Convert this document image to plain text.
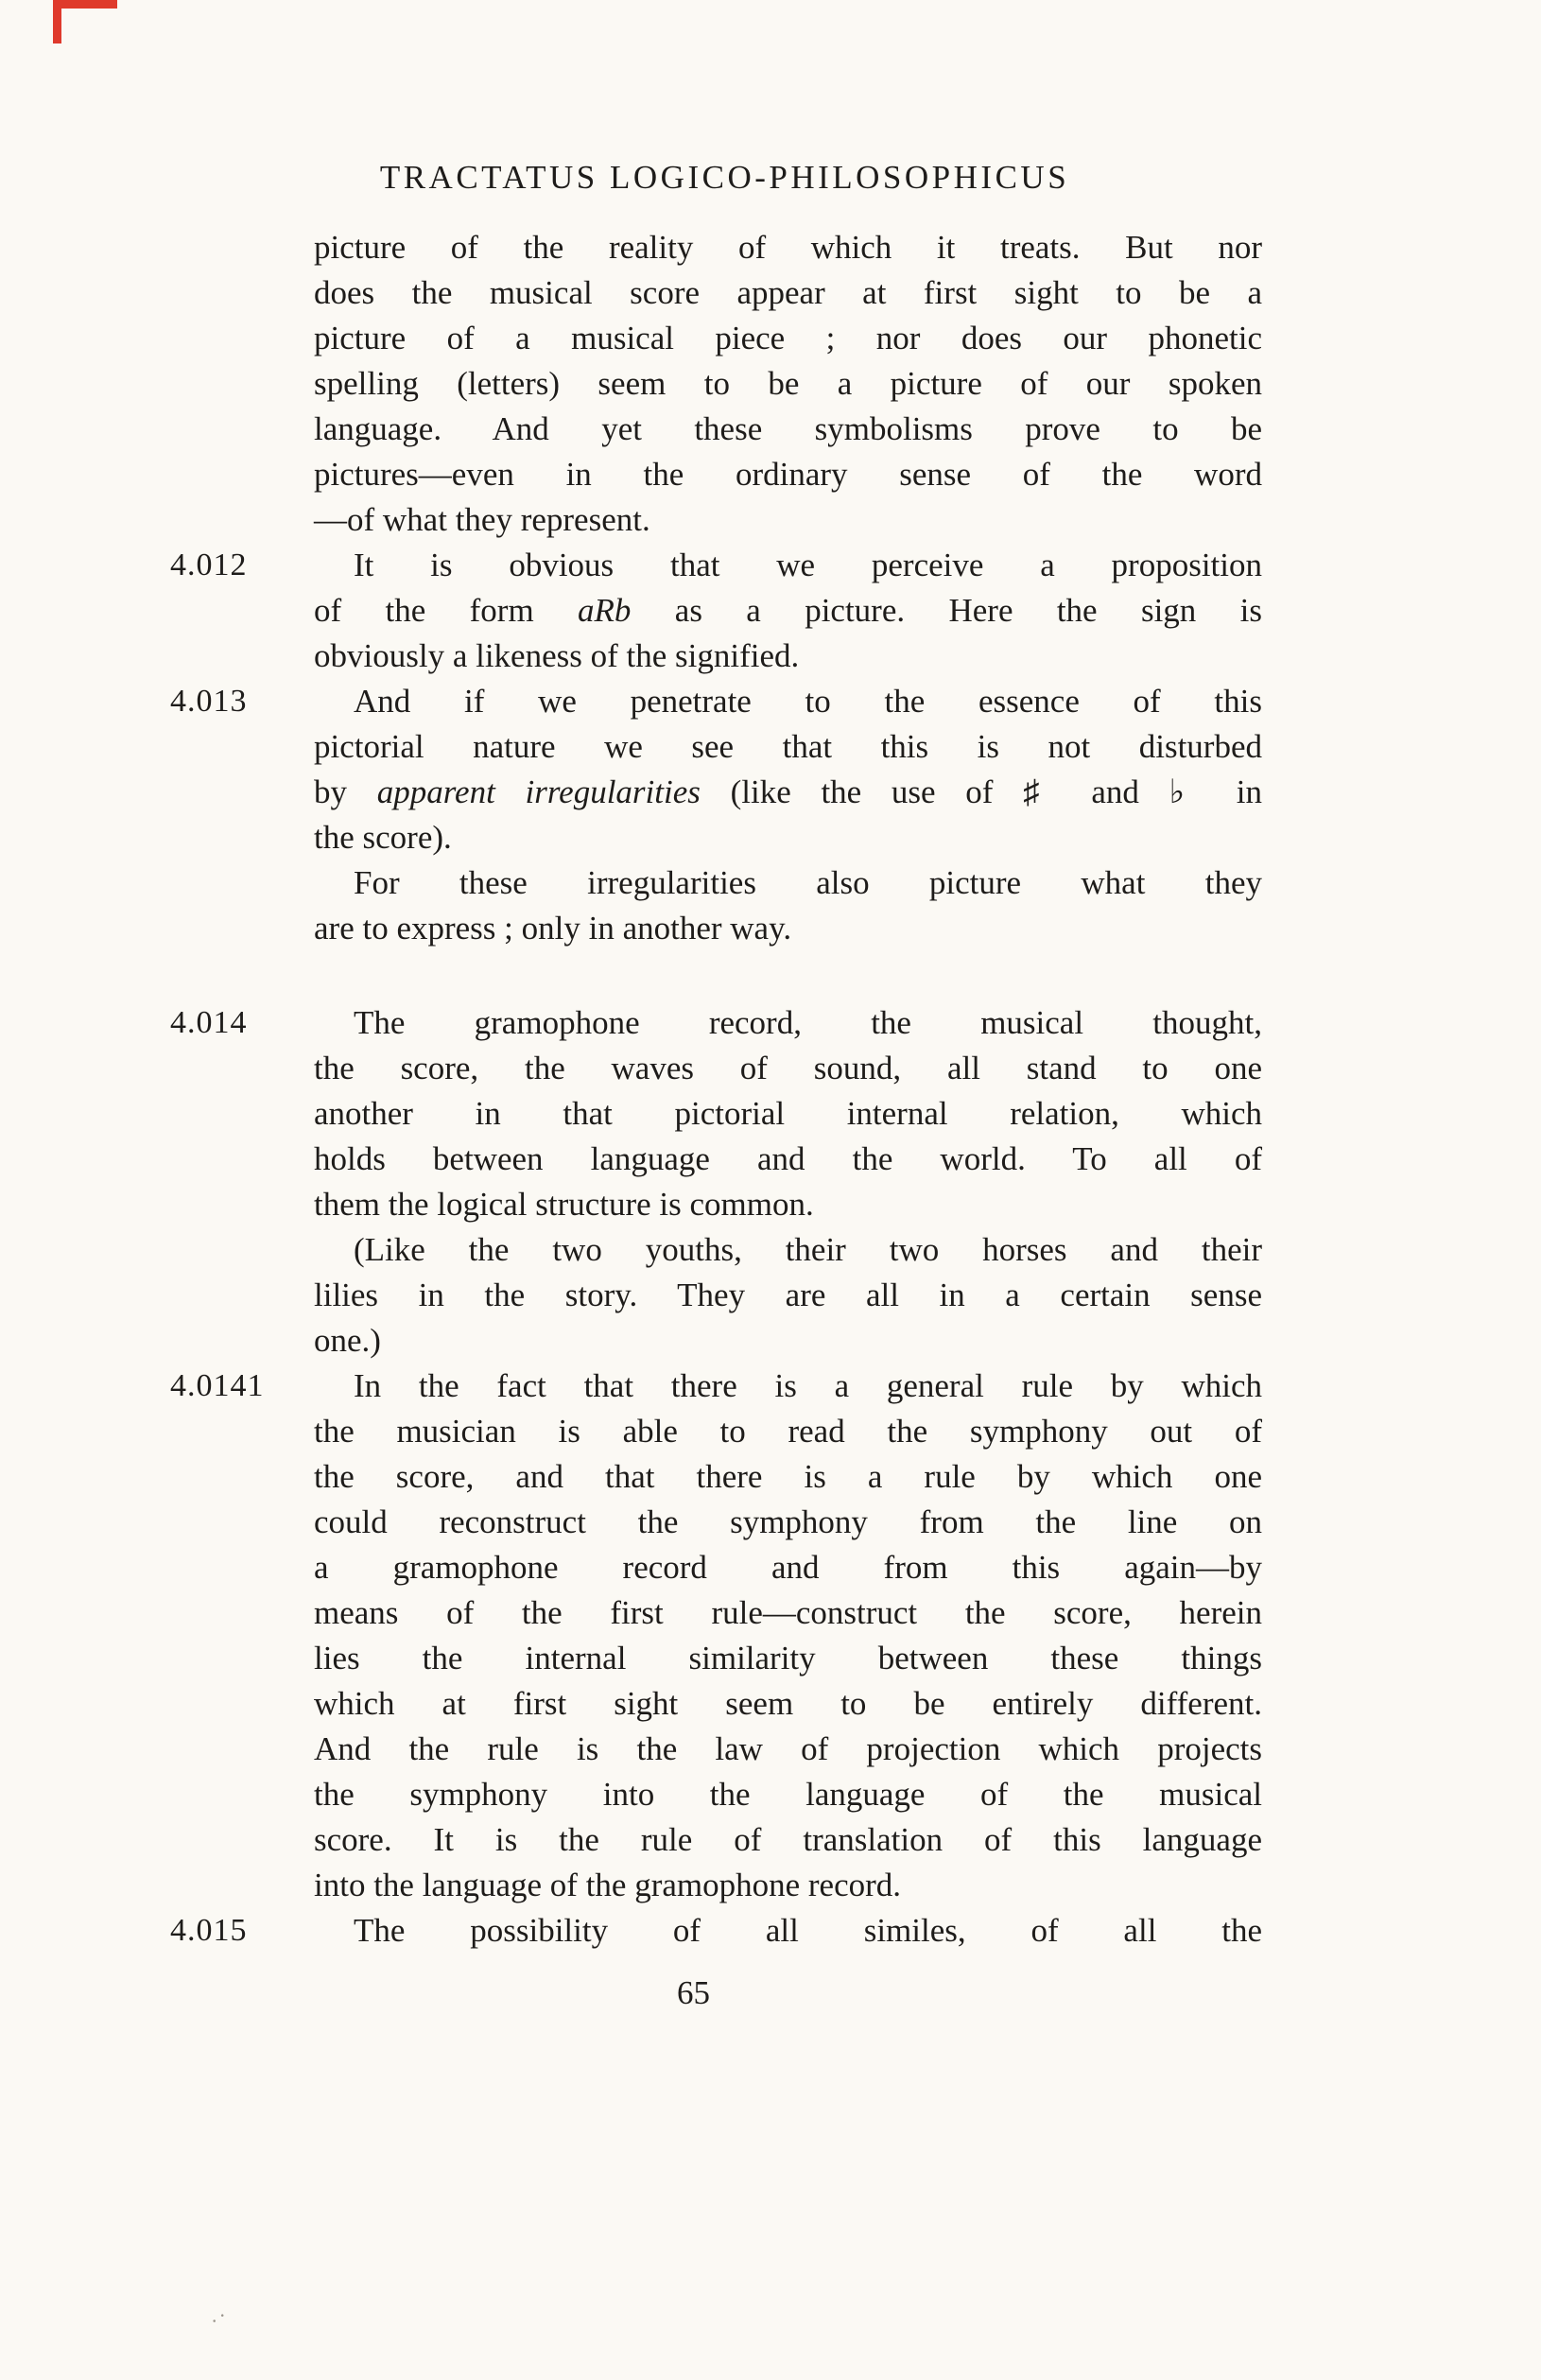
TRACTATUS LOGICO-PHILOSOPHICUS
picture of the reality of which it treats. But nor
does the musical score appear at first sight to be a
picture of a musical piece ; nor does our phonetic
spelling (letters) seem to be a picture of our spoken
language. And yet these symbolisms prove to be
pictures—even in the ordinary sense of the word
—of what they represent.
4.012	It is obvious that we perceive a proposition
of the form aRb as a picture. Here the sign is
obviously a likeness of the signified.
4.013	And if we penetrate to the essence of this
pictorial nature we see that this is not disturbed
by apparent irregularities (like the use of ♯ and ♭ in
the score).
For these irregularities also picture what they
are to express ; only in another way.
4.014	The gramophone record, the musical thought,
the score, the waves of sound, all stand to one
another in that pictorial internal relation, which
holds between language and the world. To all of
them the logical structure is common.
(Like the two youths, their two horses and their
lilies in the story. They are all in a certain sense
one.)
4.0141	In the fact that there is a general rule by which
the musician is able to read the symphony out of
the score, and that there is a rule by which one
could reconstruct the symphony from the line on
a gramophone record and from this again—by
means of the first rule—construct the score, herein
lies the internal similarity between these things
which at first sight seem to be entirely different.
And the rule is the law of projection which projects
the symphony into the language of the musical
score. It is the rule of translation of this language
into the language of the gramophone record.
4.015	The possibility of all similes, of all the
65
··
